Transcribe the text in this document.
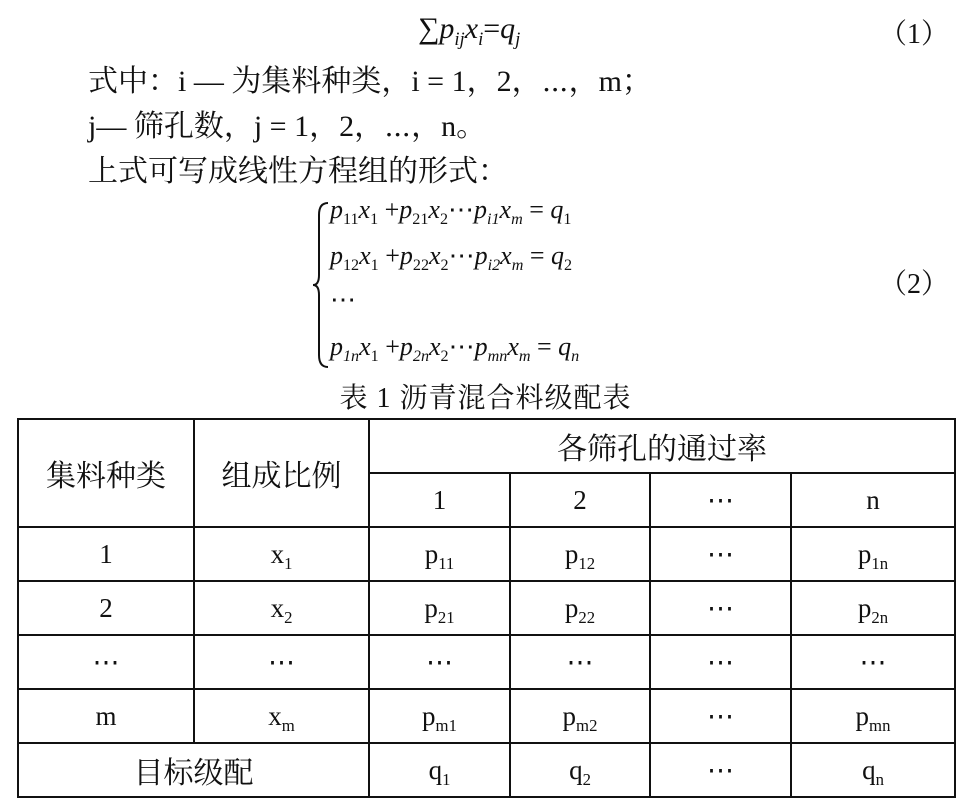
$\sum p_{ij}x_i=q_j$	（1）
式中：i — 为集料种类，i = 1，2，⋯，m；
j— 筛孔数，j = 1，2，⋯，n。
上式可写成线性方程组的形式：
$p_{11}x_1$ $+p_{21}x_2\cdots p_{i1}x_m = q_1$
$p_{12}x_1$ $+p_{22}x_2\cdots p_{i2}x_m = q_2$
⋯
$p_{1n}x_1$ $+p_{2n}x_2\cdots p_{mn}x_m = q_n$
（2）
表 1 沥青混合料级配表
集料种类	组成比例	各筛孔的通过率			
		1	2	⋯	n
1	$x_1$	$p_{11}$	$p_{12}$	⋯	$p_{1n}$
2	$x_2$	$p_{21}$	$p_{22}$	⋯	$p_{2n}$
⋯	⋯	⋯	⋯	⋯	⋯
m	$x_m$	$p_{m1}$	$p_{m2}$	⋯	$p_{mn}$
目标级配		$q_1$	$q_2$	⋯	$q_n$
